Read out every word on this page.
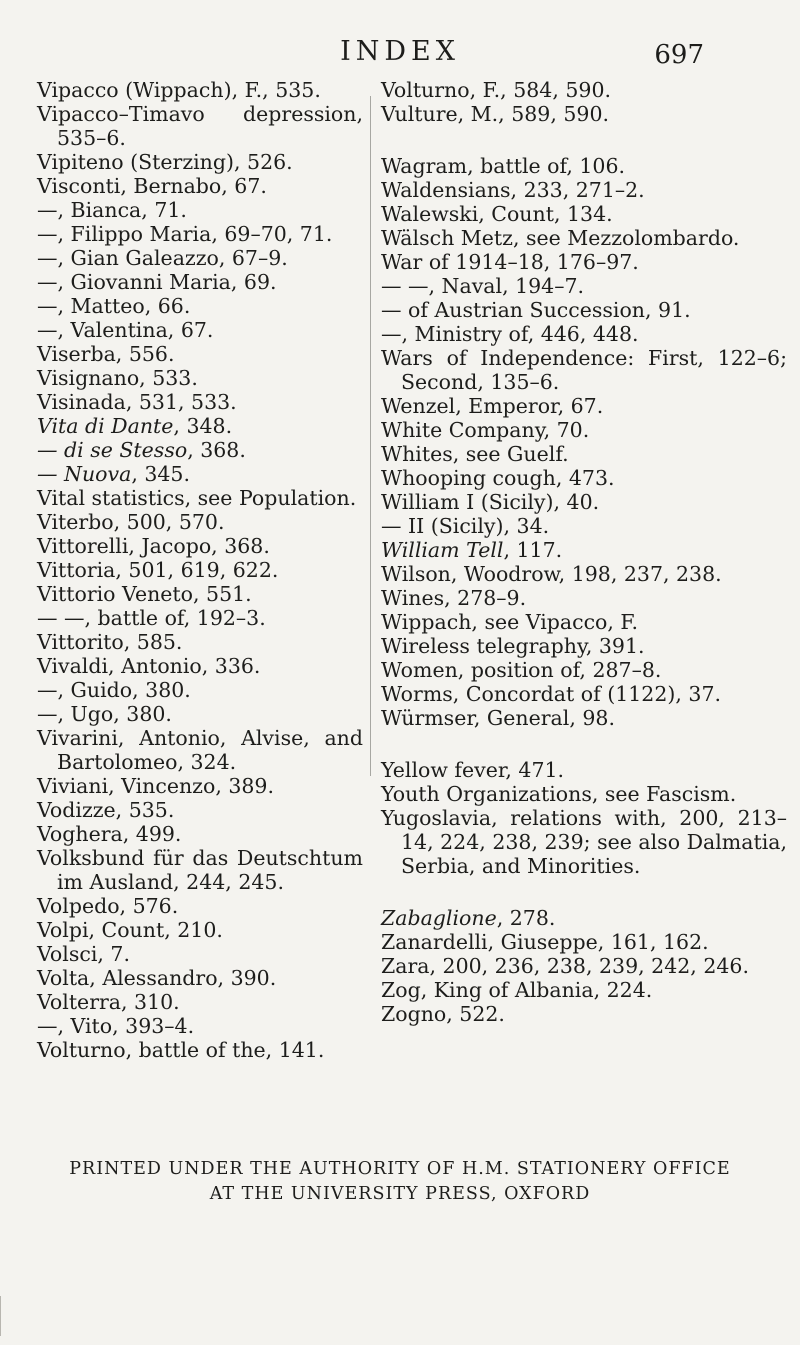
INDEX	697
Vipacco (Wippach), F., 535.
Vipacco–Timavo depression, 535–6.
Vipiteno (Sterzing), 526.
Visconti, Bernabo, 67.
—, Bianca, 71.
—, Filippo Maria, 69–70, 71.
—, Gian Galeazzo, 67–9.
—, Giovanni Maria, 69.
—, Matteo, 66.
—, Valentina, 67.
Viserba, 556.
Visignano, 533.
Visinada, 531, 533.
Vita di Dante, 348.
— di se Stesso, 368.
— Nuova, 345.
Vital statistics, see Population.
Viterbo, 500, 570.
Vittorelli, Jacopo, 368.
Vittoria, 501, 619, 622.
Vittorio Veneto, 551.
— —, battle of, 192–3.
Vittorito, 585.
Vivaldi, Antonio, 336.
—, Guido, 380.
—, Ugo, 380.
Vivarini, Antonio, Alvise, and Bartolomeo, 324.
Viviani, Vincenzo, 389.
Vodizze, 535.
Voghera, 499.
Volksbund für das Deutschtum im Ausland, 244, 245.
Volpedo, 576.
Volpi, Count, 210.
Volsci, 7.
Volta, Alessandro, 390.
Volterra, 310.
—, Vito, 393–4.
Volturno, battle of the, 141.
Volturno, F., 584, 590.
Vulture, M., 589, 590.
Wagram, battle of, 106.
Waldensians, 233, 271–2.
Walewski, Count, 134.
Wälsch Metz, see Mezzolombardo.
War of 1914–18, 176–97.
— —, Naval, 194–7.
— of Austrian Succession, 91.
—, Ministry of, 446, 448.
Wars of Independence: First, 122–6; Second, 135–6.
Wenzel, Emperor, 67.
White Company, 70.
Whites, see Guelf.
Whooping cough, 473.
William I (Sicily), 40.
— II (Sicily), 34.
William Tell, 117.
Wilson, Woodrow, 198, 237, 238.
Wines, 278–9.
Wippach, see Vipacco, F.
Wireless telegraphy, 391.
Women, position of, 287–8.
Worms, Concordat of (1122), 37.
Würmser, General, 98.
Yellow fever, 471.
Youth Organizations, see Fascism.
Yugoslavia, relations with, 200, 213–14, 224, 238, 239; see also Dalmatia, Serbia, and Minorities.
Zabaglione, 278.
Zanardelli, Giuseppe, 161, 162.
Zara, 200, 236, 238, 239, 242, 246.
Zog, King of Albania, 224.
Zogno, 522.
PRINTED UNDER THE AUTHORITY OF H.M. STATIONERY OFFICE
AT THE UNIVERSITY PRESS, OXFORD
